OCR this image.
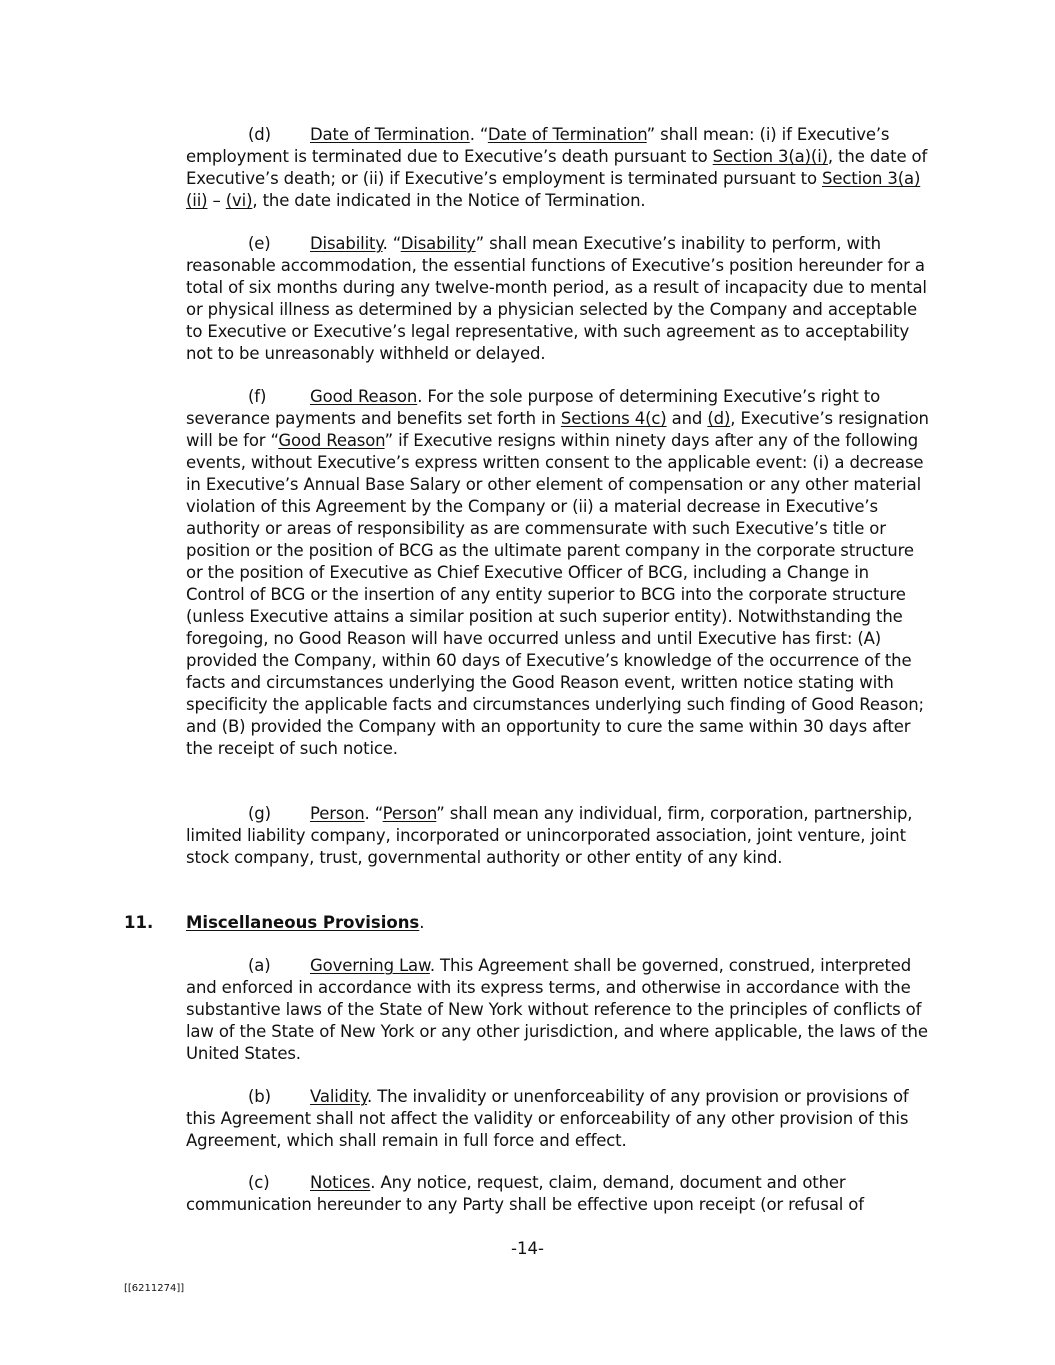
(d) Date of Termination. “Date of Termination” shall mean: (i) if Executive’s employment is terminated due to Executive’s death pursuant to Section 3(a)(i), the date of Executive’s death; or (ii) if Executive’s employment is terminated pursuant to Section 3(a)(ii) – (vi), the date indicated in the Notice of Termination.
(e) Disability. “Disability” shall mean Executive’s inability to perform, with reasonable accommodation, the essential functions of Executive’s position hereunder for a total of six months during any twelve-month period, as a result of incapacity due to mental or physical illness as determined by a physician selected by the Company and acceptable to Executive or Executive’s legal representative, with such agreement as to acceptability not to be unreasonably withheld or delayed.
(f)	Good Reason. For the sole purpose of determining Executive’s right to severance payments and benefits set forth in Sections 4(c) and (d), Executive’s resignation will be for “Good Reason” if Executive resigns within ninety days after any of the following events, without Executive’s express written consent to the applicable event: (i) a decrease in Executive’s Annual Base Salary or other element of compensation or any other material violation of this Agreement by the Company or (ii) a material decrease in Executive’s authority or areas of responsibility as are commensurate with such Executive’s title or position or the position of BCG as the ultimate parent company in the corporate structure or the position of Executive as Chief Executive Officer of BCG, including a Change in Control of BCG or the insertion of any entity superior to BCG into the corporate structure (unless Executive attains a similar position at such superior entity). Notwithstanding the foregoing, no Good Reason will have occurred unless and until Executive has first: (A) provided the Company, within 60 days of Executive’s knowledge of the occurrence of the facts and circumstances underlying the Good Reason event, written notice stating with specificity the applicable facts and circumstances underlying such finding of Good Reason; and (B) provided the Company with an opportunity to cure the same within 30 days after the receipt of such notice.
(g) Person. “Person” shall mean any individual, firm, corporation, partnership, limited liability company, incorporated or unincorporated association, joint venture, joint stock company, trust, governmental authority or other entity of any kind.
11. Miscellaneous Provisions.
(a) Governing Law. This Agreement shall be governed, construed, interpreted and enforced in accordance with its express terms, and otherwise in accordance with the substantive laws of the State of New York without reference to the principles of conflicts of law of the State of New York or any other jurisdiction, and where applicable, the laws of the United States.
(b) Validity. The invalidity or unenforceability of any provision or provisions of this Agreement shall not affect the validity or enforceability of any other provision of this Agreement, which shall remain in full force and effect.
(c) Notices. Any notice, request, claim, demand, document and other communication hereunder to any Party shall be effective upon receipt (or refusal of
-14-
[[6211274]]
